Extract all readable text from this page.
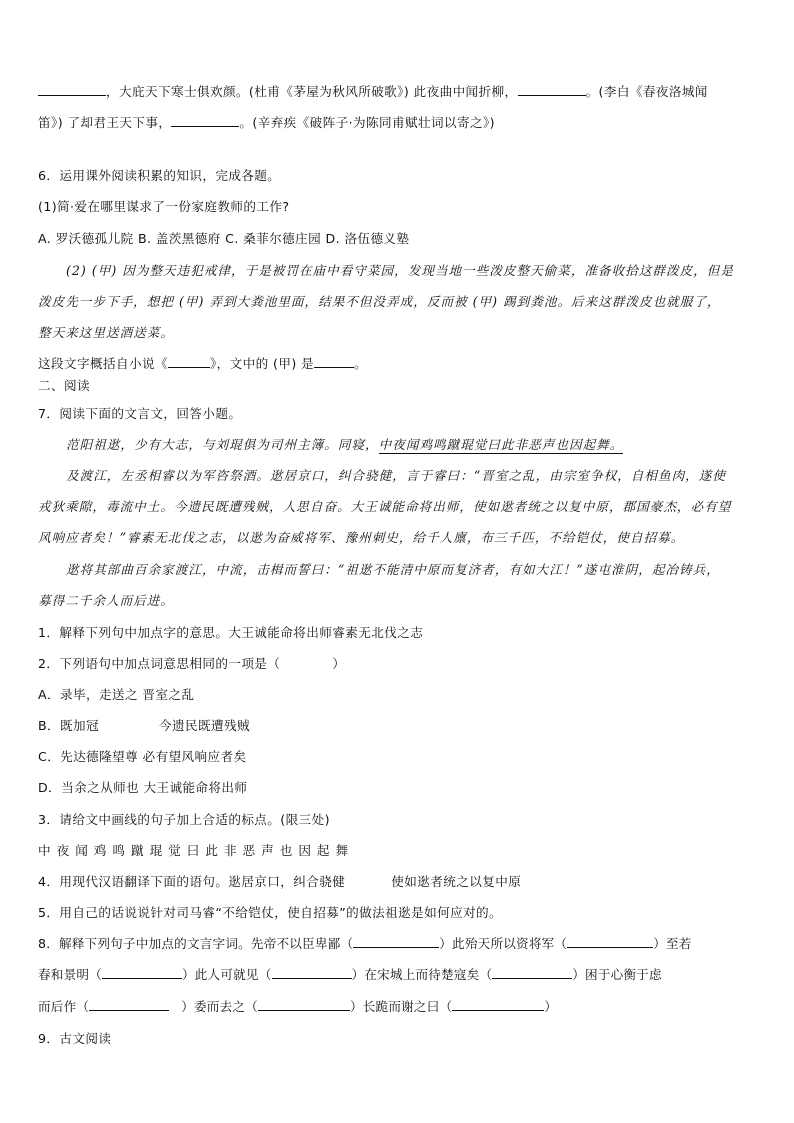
，大庇天下寒士俱欢颜。(杜甫《茅屋为秋风所破歌》) 此夜曲中闻折柳，	。(李白《春夜洛城闻
笛》) 了却君王天下事，	。(辛弃疾《破阵子·为陈同甫赋壮词以寄之》)
6．运用课外阅读积累的知识，完成各题。
(1)简·爱在哪里谋求了一份家庭教师的工作?
A. 罗沃德孤儿院 B. 盖茨黑德府 C. 桑菲尔德庄园 D. 洛伍德义塾
(2) (甲) 因为整天违犯戒律，于是被罚在庙中看守菜园，发现当地一些泼皮整天偷菜，准备收拾这群泼皮，但是
泼皮先一步下手，想把 (甲) 弄到大粪池里面，结果不但没弄成，反而被 (甲) 踢到粪池。后来这群泼皮也就服了，
整天来这里送酒送菜。
这段文字概括自小说《	》，文中的 (甲) 是	。
二、阅读
7．阅读下面的文言文，回答小题。
范阳祖逖，少有大志，与刘琨俱为司州主簿。同寝，中夜闻鸡鸣蹴琨觉曰此非恶声也因起舞。
及渡江，左丞相睿以为军咨祭酒。逖居京口，纠合骁健，言于睿曰：“晋室之乱，由宗室争权，自相鱼肉，遂使
戎狄乘隙，毒流中土。今遗民既遭残贼，人思自奋。大王诚能命将出师，使如逖者统之以复中原，郡国豪杰，必有望
风响应者矣！”睿素无北伐之志，以逖为奋威将军、豫州刺史，给千人廪，布三千匹，不给铠仗，使自招募。
逖将其部曲百余家渡江，中流，击楫而誓曰：“祖逖不能清中原而复济者，有如大江！”遂屯淮阴，起冶铸兵，
募得二千余人而后进。
1．解释下列句中加点字的意思。大王诚能命将出师睿素无北伐之志
2．下列语句中加点词意思相同的一项是（	）
A．录毕，走送之 晋室之乱
B．既加冠	今遗民既遭残贼
C．先达德隆望尊 必有望风响应者矣
D．当余之从师也 大王诚能命将出师
3．请给文中画线的句子加上合适的标点。(限三处)
中夜闻鸡鸣蹴琨觉曰此非恶声也因起舞
4．用现代汉语翻译下面的语句。逖居京口，纠合骁健	使如逖者统之以复中原
5．用自己的话说说针对司马睿“不给铠仗，使自招募”的做法祖逖是如何应对的。
8．解释下列句子中加点的文言字词。先帝不以臣卑鄙（	）此殆天所以资将军（	）至若
春和景明（	）此人可就见（	）在宋城上而待楚寇矣（	）困于心衡于虑
而后作（	）委而去之（	）长跪而谢之曰（	）
9．古文阅读
